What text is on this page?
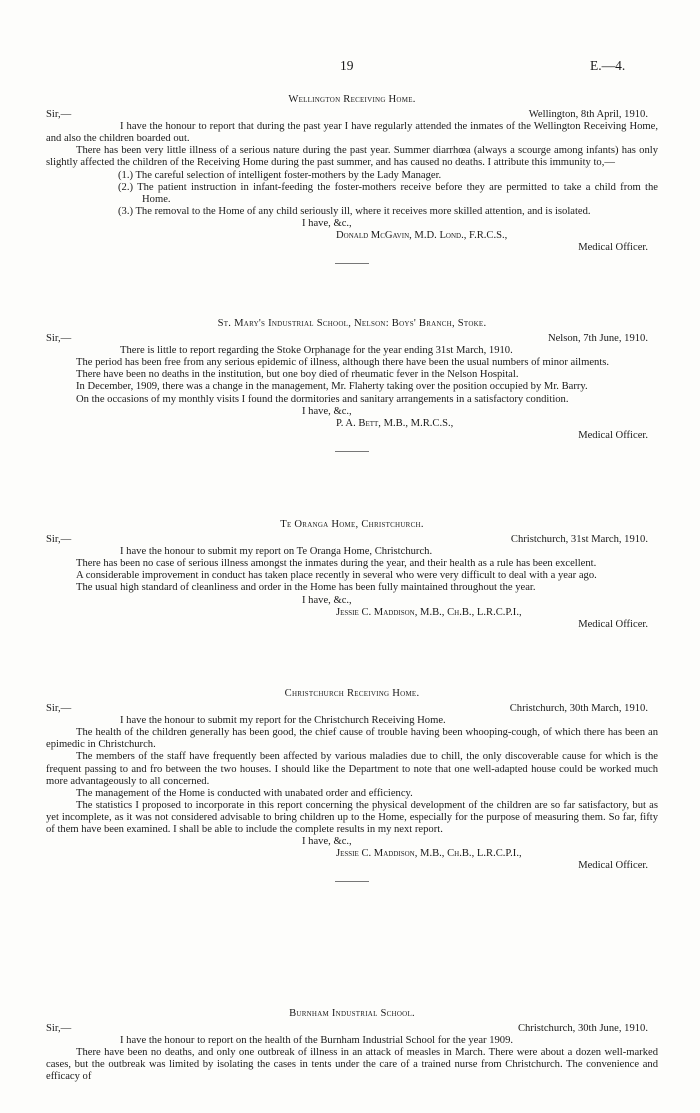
19	E.—4.
Wellington Receiving Home.
Sir,—	Wellington, 8th April, 1910.

I have the honour to report that during the past year I have regularly attended the inmates of the Wellington Receiving Home, and also the children boarded out.

There has been very little illness of a serious nature during the past year. Summer diarrhœa (always a scourge among infants) has only slightly affected the children of the Receiving Home during the past summer, and has caused no deaths. I attribute this immunity to,—

(1.) The careful selection of intelligent foster-mothers by the Lady Manager.

(2.) The patient instruction in infant-feeding the foster-mothers receive before they are permitted to take a child from the Home.

(3.) The removal to the Home of any child seriously ill, where it receives more skilled attention, and is isolated.

I have, &c.,
Donald McGavin, M.D. Lond., F.R.C.S.,
Medical Officer.
St. Mary's Industrial School, Nelson: Boys' Branch, Stoke.
Sir,—	Nelson, 7th June, 1910.

There is little to report regarding the Stoke Orphanage for the year ending 31st March, 1910.

The period has been free from any serious epidemic of illness, although there have been the usual numbers of minor ailments.

There have been no deaths in the institution, but one boy died of rheumatic fever in the Nelson Hospital.

In December, 1909, there was a change in the management, Mr. Flaherty taking over the position occupied by Mr. Barry.

On the occasions of my monthly visits I found the dormitories and sanitary arrangements in a satisfactory condition.

I have, &c.,
P. A. Bett, M.B., M.R.C.S.,
Medical Officer.
Te Oranga Home, Christchurch.
Sir,—	Christchurch, 31st March, 1910.

I have the honour to submit my report on Te Oranga Home, Christchurch.

There has been no case of serious illness amongst the inmates during the year, and their health as a rule has been excellent.

A considerable improvement in conduct has taken place recently in several who were very difficult to deal with a year ago.

The usual high standard of cleanliness and order in the Home has been fully maintained throughout the year.

I have, &c.,
Jessie C. Maddison, M.B., Ch.B., L.R.C.P.I.,
Medical Officer.
Christchurch Receiving Home.
Sir,—	Christchurch, 30th March, 1910.

I have the honour to submit my report for the Christchurch Receiving Home.

The health of the children generally has been good, the chief cause of trouble having been whooping-cough, of which there has been an epimedic in Christchurch.

The members of the staff have frequently been affected by various maladies due to chill, the only discoverable cause for which is the frequent passing to and fro between the two houses. I should like the Department to note that one well-adapted house could be worked much more advantageously to all concerned.

The management of the Home is conducted with unabated order and efficiency.

The statistics I proposed to incorporate in this report concerning the physical development of the children are so far satisfactory, but as yet incomplete, as it was not considered advisable to bring children up to the Home, especially for the purpose of measuring them. So far, fifty of them have been examined. I shall be able to include the complete results in my next report.

I have, &c.,
Jessie C. Maddison, M.B., Ch.B., L.R.C.P.I.,
Medical Officer.
Burnham Industrial School.
Sir,—	Christchurch, 30th June, 1910.

I have the honour to report on the health of the Burnham Industrial School for the year 1909.

There have been no deaths, and only one outbreak of illness in an attack of measles in March. There were about a dozen well-marked cases, but the outbreak was limited by isolating the cases in tents under the care of a trained nurse from Christchurch. The convenience and efficacy of
